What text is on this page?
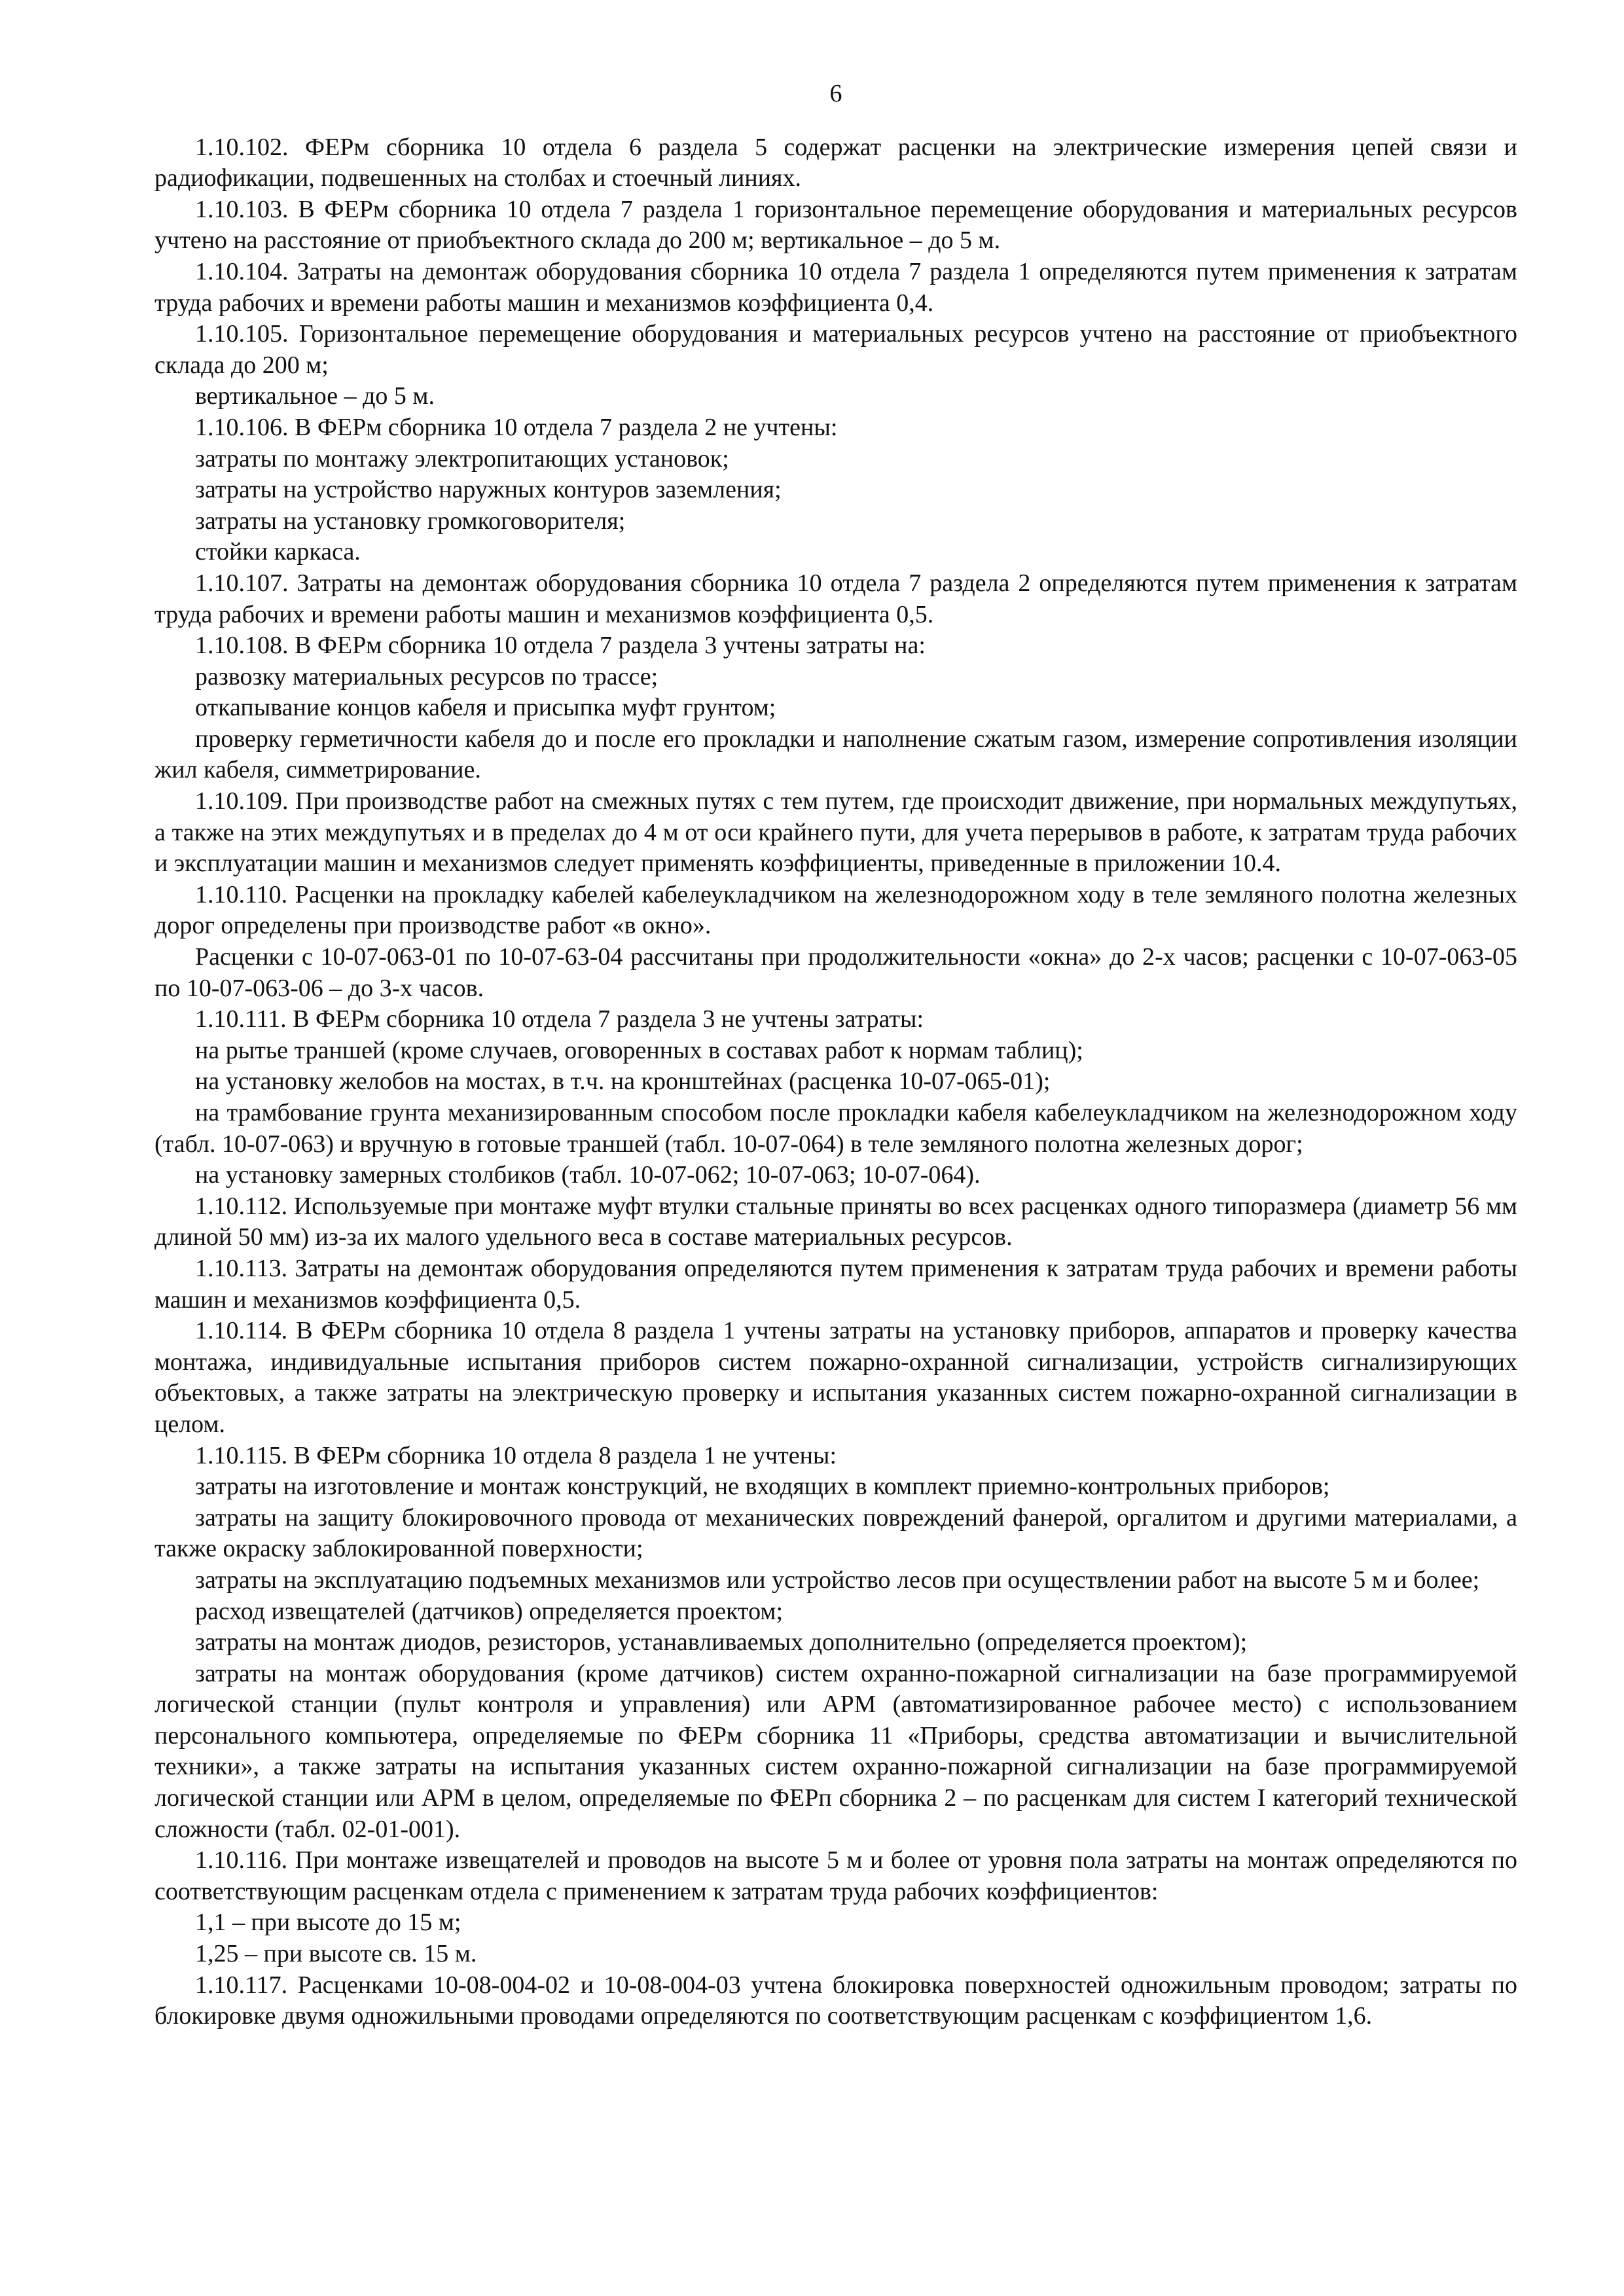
6

1.10.102. ФЕРм сборника 10 отдела 6 раздела 5 содержат расценки на электрические измерения цепей связи и радиофикации, подвешенных на столбах и стоечный линиях.

1.10.103. В ФЕРм сборника 10 отдела 7 раздела 1 горизонтальное перемещение оборудования и материальных ресурсов учтено на расстояние от приобъектного склада до 200 м; вертикальное – до 5 м.

1.10.104. Затраты на демонтаж оборудования сборника 10 отдела 7 раздела 1 определяются путем применения к затратам труда рабочих и времени работы машин и механизмов коэффициента 0,4.

1.10.105. Горизонтальное перемещение оборудования и материальных ресурсов учтено на расстояние от приобъектного склада до 200 м;

вертикальное – до 5 м.

1.10.106. В ФЕРм сборника 10 отдела 7 раздела 2 не учтены:

затраты по монтажу электропитающих установок;

затраты на устройство наружных контуров заземления;

затраты на установку громкоговорителя;

стойки каркаса.

1.10.107. Затраты на демонтаж оборудования сборника 10 отдела 7 раздела 2 определяются путем применения к затратам труда рабочих и времени работы машин и механизмов коэффициента 0,5.

1.10.108. В ФЕРм сборника 10 отдела 7 раздела 3 учтены затраты на:

развозку материальных ресурсов по трассе;

откапывание концов кабеля и присыпка муфт грунтом;

проверку герметичности кабеля до и после его прокладки и наполнение сжатым газом, измерение сопротивления изоляции жил кабеля, симметрирование.

1.10.109. При производстве работ на смежных путях с тем путем, где происходит движение, при нормальных междупутьях, а также на этих междупутьях и в пределах до 4 м от оси крайнего пути, для учета перерывов в работе, к затратам труда рабочих и эксплуатации машин и механизмов следует применять коэффициенты, приведенные в приложении 10.4.

1.10.110. Расценки на прокладку кабелей кабелеукладчиком на железнодорожном ходу в теле земляного полотна железных дорог определены при производстве работ «в окно».

Расценки с 10-07-063-01 по 10-07-63-04 рассчитаны при продолжительности «окна» до 2-х часов; расценки с 10-07-063-05 по 10-07-063-06 – до 3-х часов.

1.10.111. В ФЕРм сборника 10 отдела 7 раздела 3 не учтены затраты:

на рытье траншей (кроме случаев, оговоренных в составах работ к нормам таблиц);

на установку желобов на мостах, в т.ч. на кронштейнах (расценка 10-07-065-01);

на трамбование грунта механизированным способом после прокладки кабеля кабелеукладчиком на железнодорожном ходу (табл. 10-07-063) и вручную в готовые траншей (табл. 10-07-064) в теле земляного полотна железных дорог;

на установку замерных столбиков (табл. 10-07-062; 10-07-063; 10-07-064).

1.10.112. Используемые при монтаже муфт втулки стальные приняты во всех расценках одного типоразмера (диаметр 56 мм длиной 50 мм) из-за их малого удельного веса в составе материальных ресурсов.

1.10.113. Затраты на демонтаж оборудования определяются путем применения к затратам труда рабочих и времени работы машин и механизмов коэффициента 0,5.

1.10.114. В ФЕРм сборника 10 отдела 8 раздела 1 учтены затраты на установку приборов, аппаратов и проверку качества монтажа, индивидуальные испытания приборов систем пожарно-охранной сигнализации, устройств сигнализирующих объектовых, а также затраты на электрическую проверку и испытания указанных систем пожарно-охранной сигнализации в целом.

1.10.115. В ФЕРм сборника 10 отдела 8 раздела 1 не учтены:

затраты на изготовление и монтаж конструкций, не входящих в комплект приемно-контрольных приборов;

затраты на защиту блокировочного провода от механических повреждений фанерой, оргалитом и другими материалами, а также окраску заблокированной поверхности;

затраты на эксплуатацию подъемных механизмов или устройство лесов при осуществлении работ на высоте 5 м и более;

расход извещателей (датчиков) определяется проектом;

затраты на монтаж диодов, резисторов, устанавливаемых дополнительно (определяется проектом);

затраты на монтаж оборудования (кроме датчиков) систем охранно-пожарной сигнализации на базе программируемой логической станции (пульт контроля и управления) или АРМ (автоматизированное рабочее место) с использованием персонального компьютера, определяемые по ФЕРм сборника 11 «Приборы, средства автоматизации и вычислительной техники», а также затраты на испытания указанных систем охранно-пожарной сигнализации на базе программируемой логической станции или АРМ в целом, определяемые по ФЕРп сборника 2 – по расценкам для систем I категорий технической сложности (табл. 02-01-001).

1.10.116. При монтаже извещателей и проводов на высоте 5 м и более от уровня пола затраты на монтаж определяются по соответствующим расценкам отдела с применением к затратам труда рабочих коэффициентов:

1,1 – при высоте до 15 м;

1,25 – при высоте св. 15 м.

1.10.117. Расценками 10-08-004-02 и 10-08-004-03 учтена блокировка поверхностей одножильным проводом; затраты по блокировке двумя одножильными проводами определяются по соответствующим расценкам с коэффициентом 1,6.
